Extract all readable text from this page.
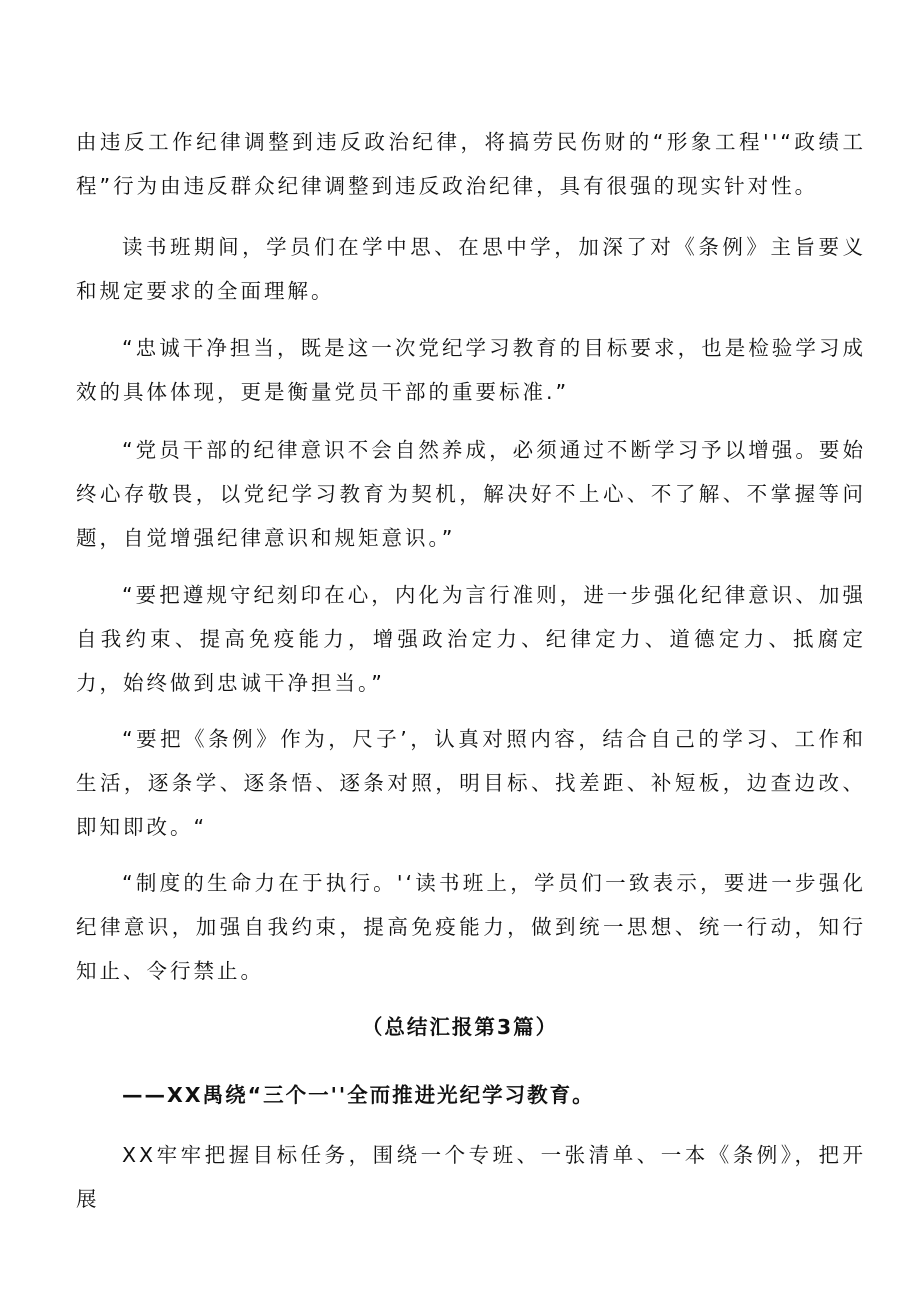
由违反工作纪律调整到违反政治纪律，将搞劳民伤财的“形象工程''“政绩工程”行为由违反群众纪律调整到违反政治纪律，具有很强的现实针对性。

读书班期间，学员们在学中思、在思中学，加深了对《条例》主旨要义和规定要求的全面理解。

“忠诚干净担当，既是这一次党纪学习教育的目标要求，也是检验学习成效的具体体现，更是衡量党员干部的重要标准.”

“党员干部的纪律意识不会自然养成，必须通过不断学习予以增强。要始终心存敬畏，以党纪学习教育为契机，解决好不上心、不了解、不掌握等问题，自觉增强纪律意识和规矩意识。”

“要把遵规守纪刻印在心，内化为言行准则，进一步强化纪律意识、加强自我约束、提高免疫能力，增强政治定力、纪律定力、道德定力、抵腐定力，始终做到忠诚干净担当。”

“要把《条例》作为，尺子’，认真对照内容，结合自己的学习、工作和生活，逐条学、逐条悟、逐条对照，明目标、找差距、补短板，边查边改、即知即改。“

“制度的生命力在于执行。'‘读书班上，学员们一致表示，要进一步强化纪律意识，加强自我约束，提高免疫能力，做到统一思想、统一行动，知行知止、令行禁止。

（总结汇报第3篇）

——XX禺绕“三个一''全而推进光纪学习教育。

XX牢牢把握目标任务，围绕一个专班、一张清单、一本《条例》，把开展
